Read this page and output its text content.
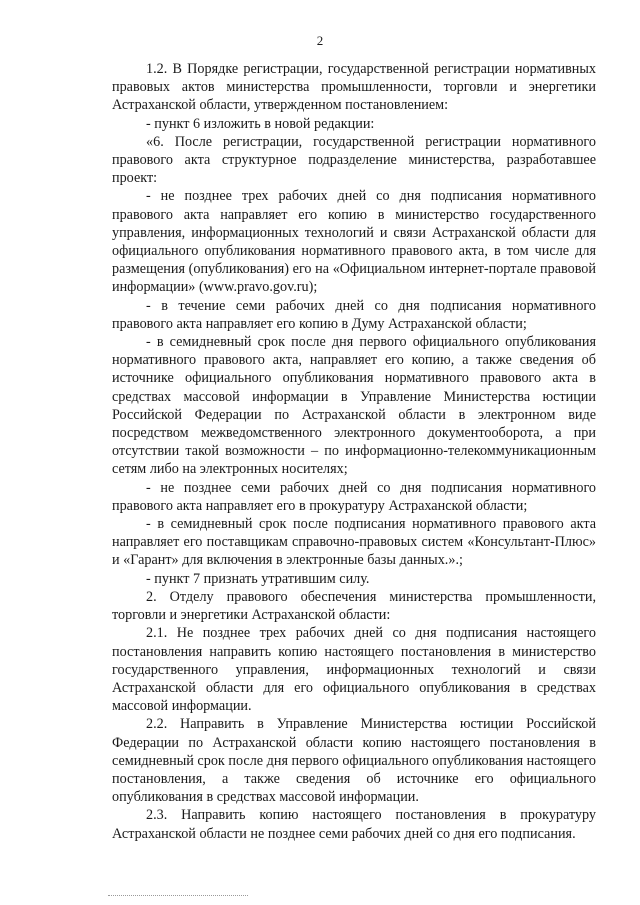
2

1.2. В Порядке регистрации, государственной регистрации нормативных правовых актов министерства промышленности, торговли и энергетики Астраханской области, утвержденном постановлением:

- пункт 6 изложить в новой редакции:

«6. После регистрации, государственной регистрации нормативного правового акта структурное подразделение министерства, разработавшее проект:

- не позднее трех рабочих дней со дня подписания нормативного правового акта направляет его копию в министерство государственного управления, информационных технологий и связи Астраханской области для официального опубликования нормативного правового акта, в том числе для размещения (опубликования) его на «Официальном интернет-портале правовой информации» (www.pravo.gov.ru);

- в течение семи рабочих дней со дня подписания нормативного правового акта направляет его копию в Думу Астраханской области;

- в семидневный срок после дня первого официального опубликования нормативного правового акта, направляет его копию, а также сведения об источнике официального опубликования нормативного правового акта в средствах массовой информации в Управление Министерства юстиции Российской Федерации по Астраханской области в электронном виде посредством межведомственного электронного документооборота, а при отсутствии такой возможности – по информационно-телекоммуникационным сетям либо на электронных носителях;

- не позднее семи рабочих дней со дня подписания нормативного правового акта направляет его в прокуратуру Астраханской области;

- в семидневный срок после подписания нормативного правового акта направляет его поставщикам справочно-правовых систем «Консультант-Плюс» и «Гарант» для включения в электронные базы данных.».;

- пункт 7 признать утратившим силу.

2. Отделу правового обеспечения министерства промышленности, торговли и энергетики Астраханской области:

2.1. Не позднее трех рабочих дней со дня подписания настоящего постановления направить копию настоящего постановления в министерство государственного управления, информационных технологий и связи Астраханской области для его официального опубликования в средствах массовой информации.

2.2. Направить в Управление Министерства юстиции Российской Федерации по Астраханской области копию настоящего постановления в семидневный срок после дня первого официального опубликования настоящего постановления, а также сведения об источнике его официального опубликования в средствах массовой информации.

2.3. Направить копию настоящего постановления в прокуратуру Астраханской области не позднее семи рабочих дней со дня его подписания.
